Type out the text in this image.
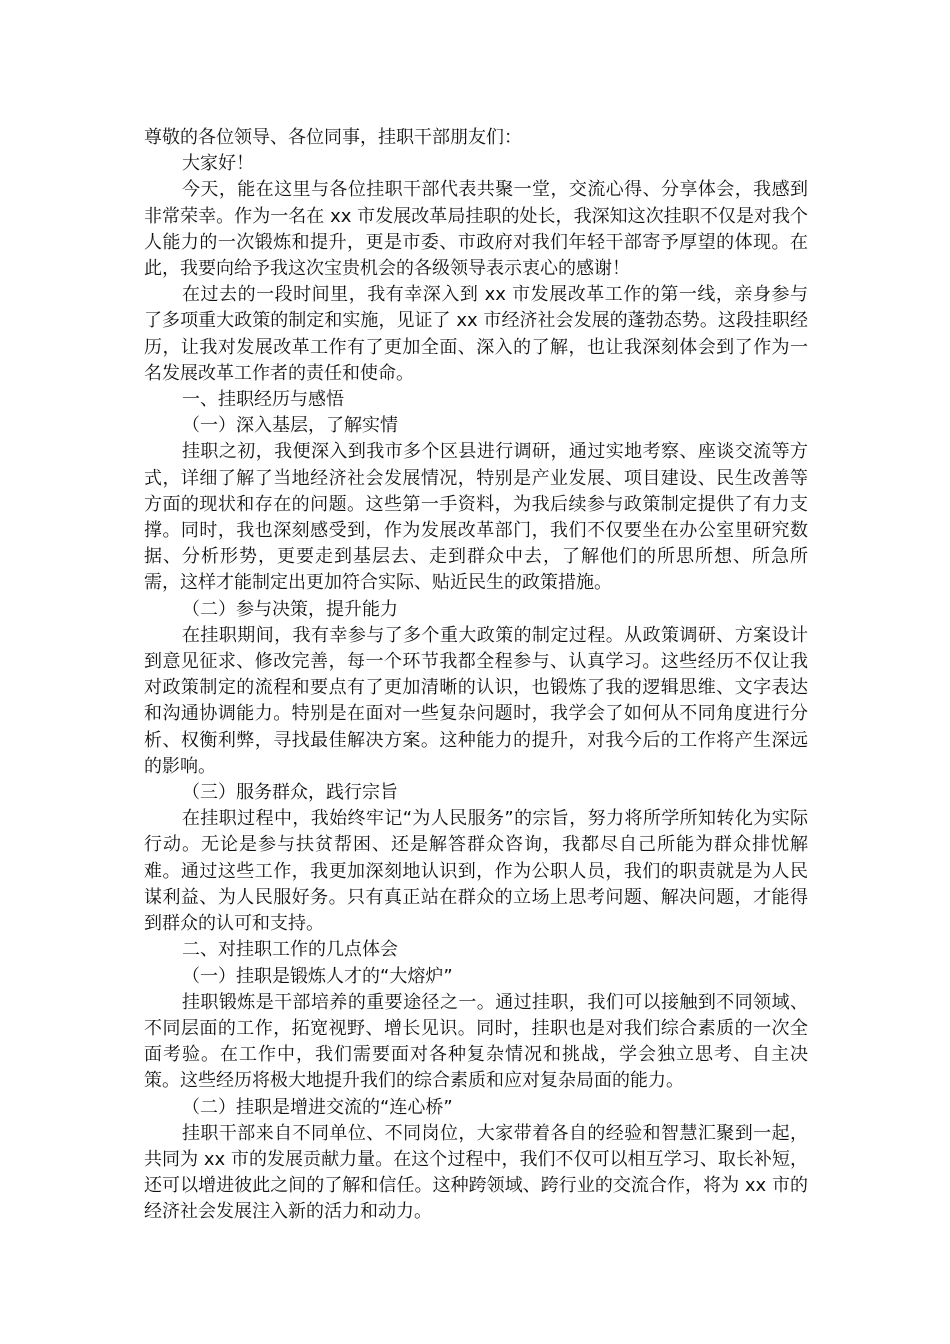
尊敬的各位领导、各位同事，挂职干部朋友们：

大家好！

今天，能在这里与各位挂职干部代表共聚一堂，交流心得、分享体会，我感到非常荣幸。作为一名在 xx 市发展改革局挂职的处长，我深知这次挂职不仅是对我个人能力的一次锻炼和提升，更是市委、市政府对我们年轻干部寄予厚望的体现。在此，我要向给予我这次宝贵机会的各级领导表示衷心的感谢！

在过去的一段时间里，我有幸深入到 xx 市发展改革工作的第一线，亲身参与了多项重大政策的制定和实施，见证了 xx 市经济社会发展的蓬勃态势。这段挂职经历，让我对发展改革工作有了更加全面、深入的了解，也让我深刻体会到了作为一名发展改革工作者的责任和使命。

一、挂职经历与感悟

（一）深入基层，了解实情

挂职之初，我便深入到我市多个区县进行调研，通过实地考察、座谈交流等方式，详细了解了当地经济社会发展情况，特别是产业发展、项目建设、民生改善等方面的现状和存在的问题。这些第一手资料，为我后续参与政策制定提供了有力支撑。同时，我也深刻感受到，作为发展改革部门，我们不仅要坐在办公室里研究数据、分析形势，更要走到基层去、走到群众中去，了解他们的所思所想、所急所需，这样才能制定出更加符合实际、贴近民生的政策措施。

（二）参与决策，提升能力

在挂职期间，我有幸参与了多个重大政策的制定过程。从政策调研、方案设计到意见征求、修改完善，每一个环节我都全程参与、认真学习。这些经历不仅让我对政策制定的流程和要点有了更加清晰的认识，也锻炼了我的逻辑思维、文字表达和沟通协调能力。特别是在面对一些复杂问题时，我学会了如何从不同角度进行分析、权衡利弊，寻找最佳解决方案。这种能力的提升，对我今后的工作将产生深远的影响。

（三）服务群众，践行宗旨

在挂职过程中，我始终牢记“为人民服务”的宗旨，努力将所学所知转化为实际行动。无论是参与扶贫帮困、还是解答群众咨询，我都尽自己所能为群众排忧解难。通过这些工作，我更加深刻地认识到，作为公职人员，我们的职责就是为人民谋利益、为人民服好务。只有真正站在群众的立场上思考问题、解决问题，才能得到群众的认可和支持。

二、对挂职工作的几点体会

（一）挂职是锻炼人才的“大熔炉”

挂职锻炼是干部培养的重要途径之一。通过挂职，我们可以接触到不同领域、不同层面的工作，拓宽视野、增长见识。同时，挂职也是对我们综合素质的一次全面考验。在工作中，我们需要面对各种复杂情况和挑战，学会独立思考、自主决策。这些经历将极大地提升我们的综合素质和应对复杂局面的能力。

（二）挂职是增进交流的“连心桥”

挂职干部来自不同单位、不同岗位，大家带着各自的经验和智慧汇聚到一起，共同为 xx 市的发展贡献力量。在这个过程中，我们不仅可以相互学习、取长补短，还可以增进彼此之间的了解和信任。这种跨领域、跨行业的交流合作，将为 xx 市的经济社会发展注入新的活力和动力。
